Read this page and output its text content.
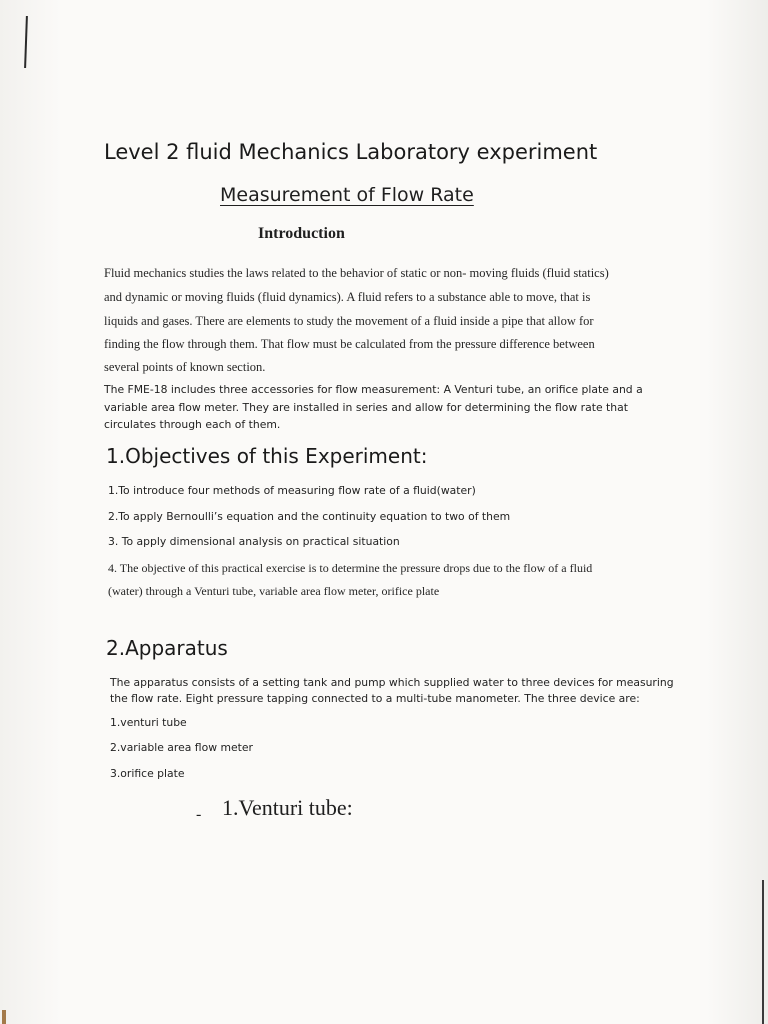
Level 2 fluid Mechanics Laboratory experiment
Measurement of Flow Rate
Introduction
Fluid mechanics studies the laws related to the behavior of static or non- moving fluids (fluid statics)
and dynamic or moving fluids (fluid dynamics). A fluid refers to a substance able to move, that is
liquids and gases. There are elements to study the movement of a fluid inside a pipe that allow for
finding the flow through them. That flow must be calculated from the pressure difference between
several points of known section.
The FME-18 includes three accessories for flow measurement: A Venturi tube, an orifice plate and a
variable area flow meter. They are installed in series and allow for determining the flow rate that
circulates through each of them.
1.Objectives of this Experiment:
1.To introduce four methods of measuring flow rate of a fluid(water)
2.To apply Bernoulli’s equation and the continuity equation to two of them
3. To apply dimensional analysis on practical situation
4. The objective of this practical exercise is to determine the pressure drops due to the flow of a fluid
(water) through a Venturi tube, variable area flow meter, orifice plate
2.Apparatus
The apparatus consists of a setting tank and pump which supplied water to three devices for measuring
the flow rate. Eight pressure tapping connected to a multi-tube manometer. The three device are:
1.venturi tube
2.variable area flow meter
3.orifice plate
- 1.Venturi tube:
